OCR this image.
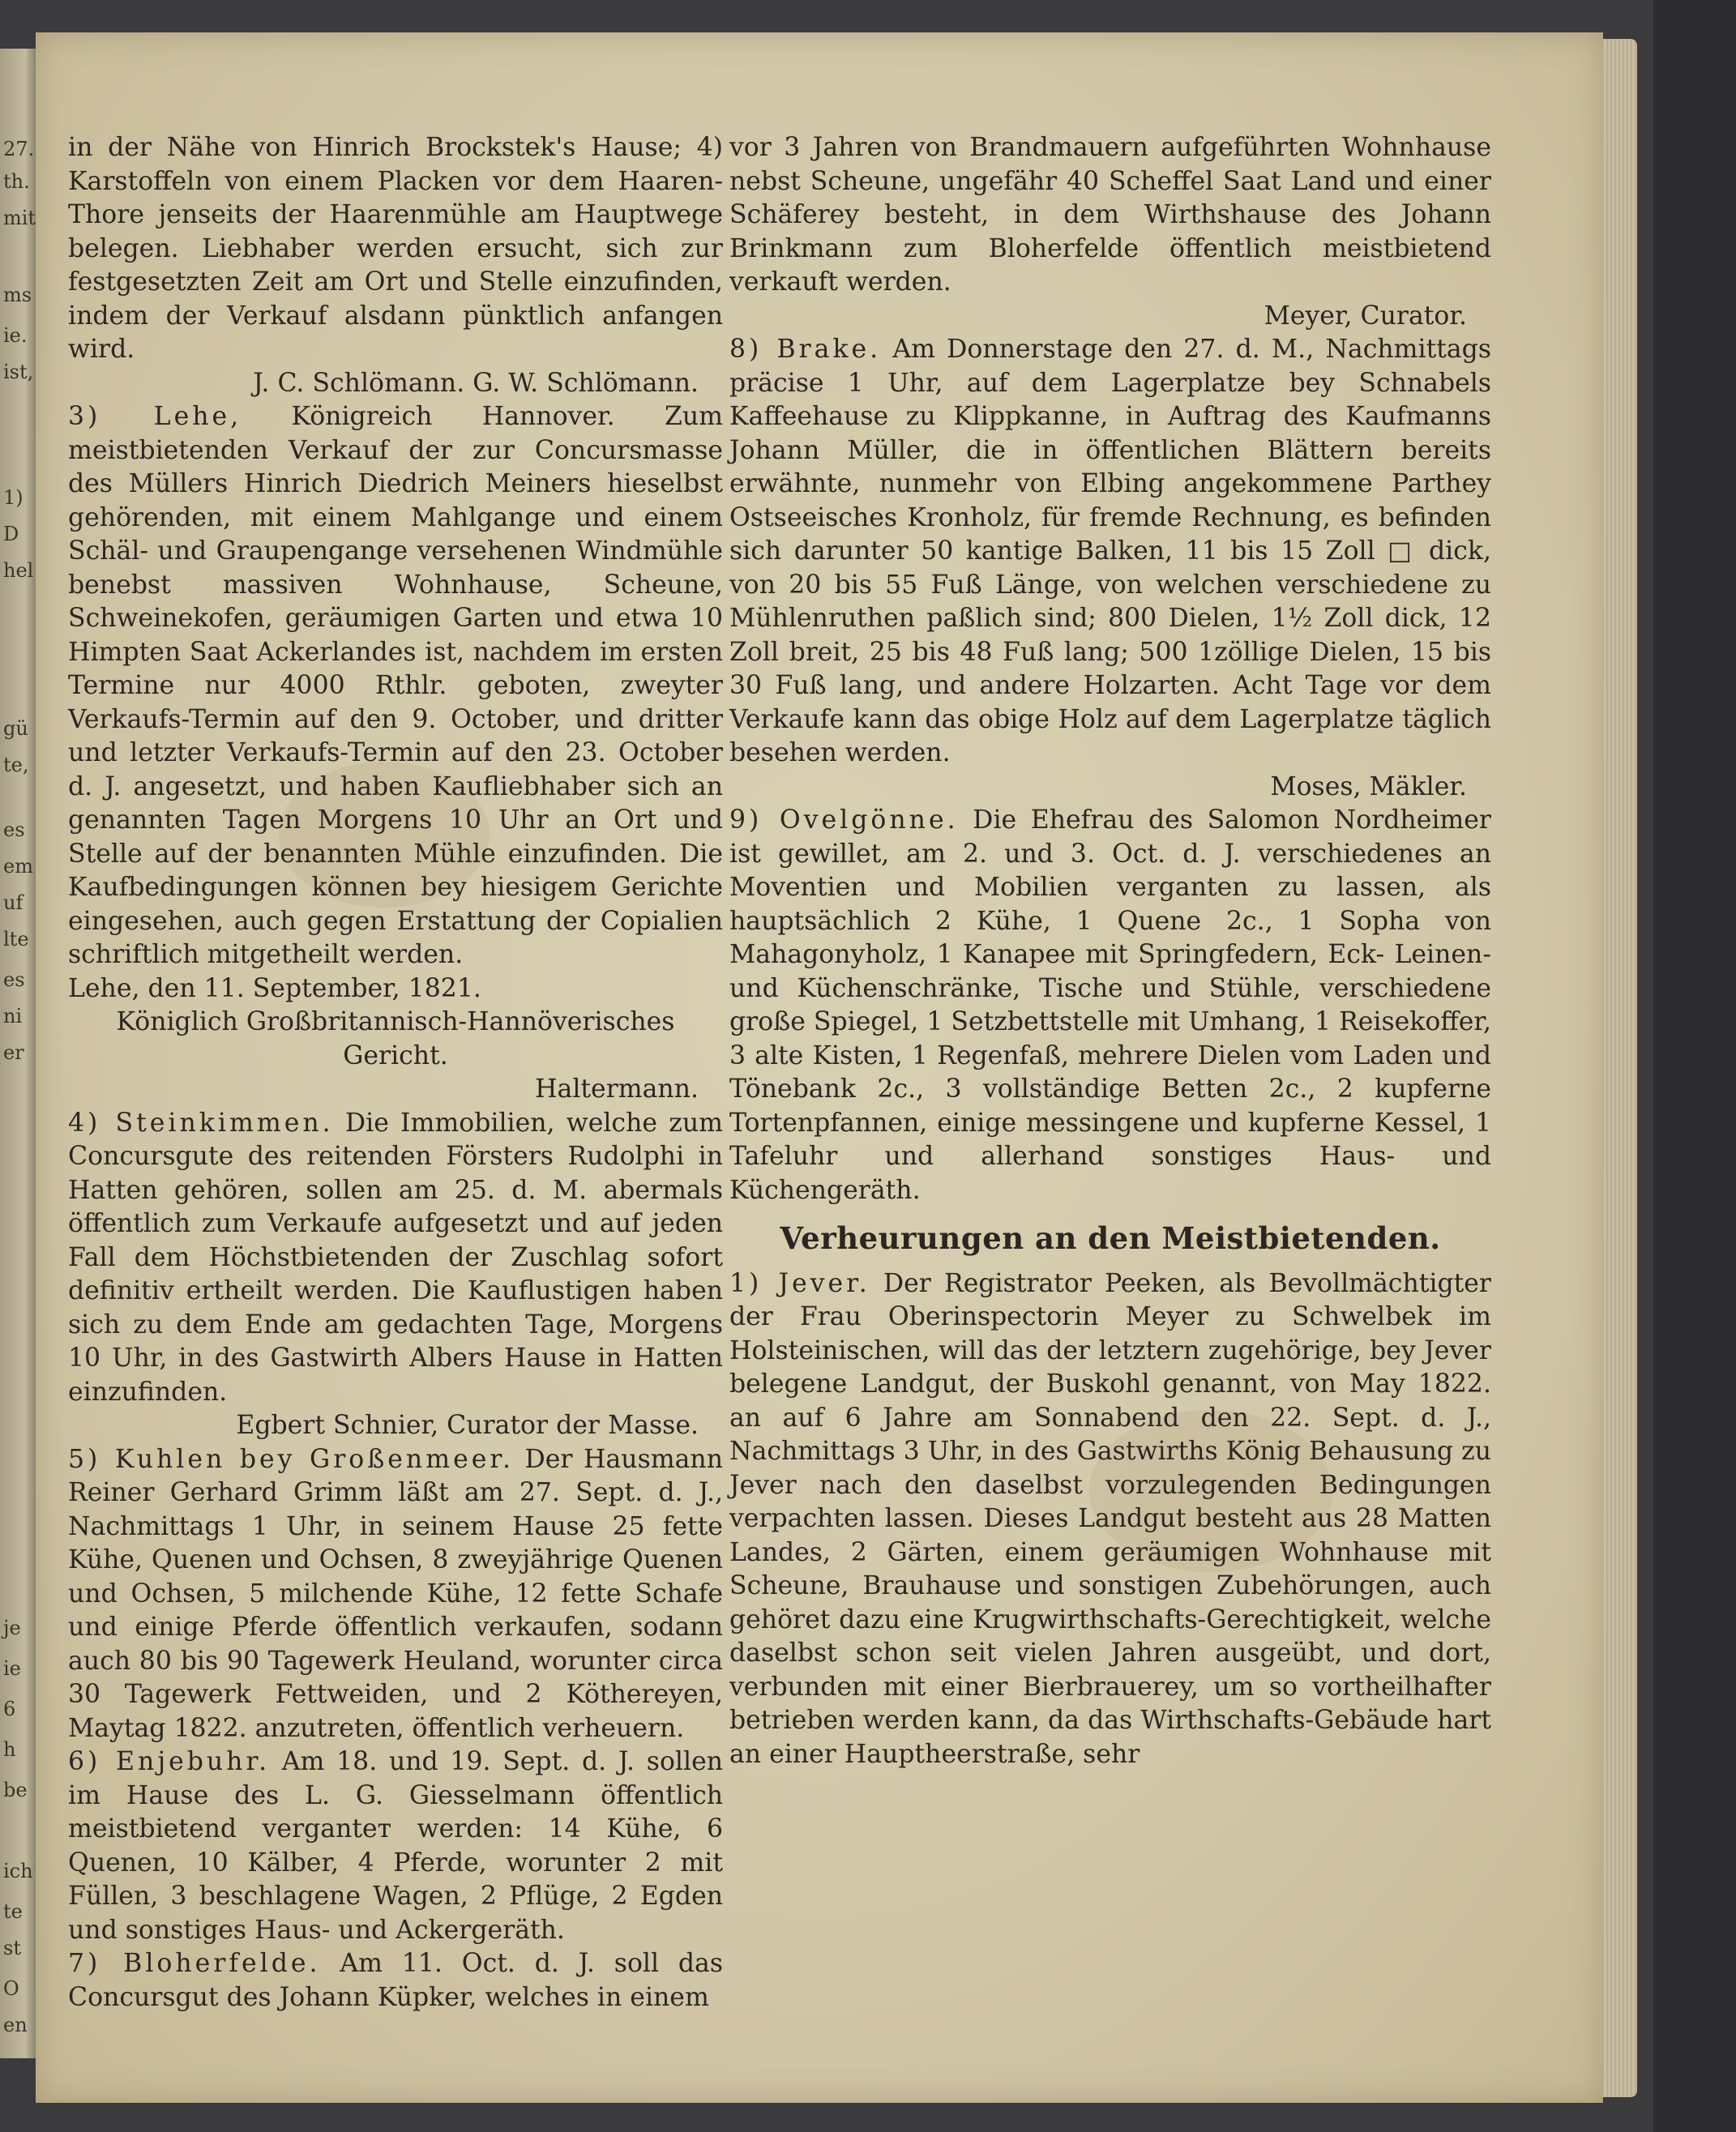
27.
th.
mit
ms
ie.
ist,
1)
D
hel
gü
te,
es
em
uf
lte
es
ni
er
je
ie
6
h
be
ich
te
st
O
en

in der Nähe von Hinrich Brockstek's Hause; 4) Karstoffeln von einem Placken vor dem Haaren-Thore jenseits der Haarenmühle am Hauptwege belegen. Liebhaber werden ersucht, sich zur festgesetzten Zeit am Ort und Stelle einzufinden, indem der Verkauf alsdann pünktlich anfangen wird.

J. C. Schlömann. G. W. Schlömann.

3) Lehe, Königreich Hannover. Zum meistbietenden Verkauf der zur Concursmasse des Müllers Hinrich Diedrich Meiners hieselbst gehörenden, mit einem Mahlgange und einem Schäl- und Graupengange versehenen Windmühle benebst massiven Wohnhause, Scheune, Schweinekofen, geräumigen Garten und etwa 10 Himpten Saat Ackerlandes ist, nachdem im ersten Termine nur 4000 Rthlr. geboten, zweyter Verkaufs-Termin auf den 9. October, und dritter und letzter Verkaufs-Termin auf den 23. October d. J. angesetzt, und haben Kaufliebhaber sich an genannten Tagen Morgens 10 Uhr an Ort und Stelle auf der benannten Mühle einzufinden. Die Kaufbedingungen können bey hiesigem Gerichte eingesehen, auch gegen Erstattung der Copialien schriftlich mitgetheilt werden.

Lehe, den 11. September, 1821.

Königlich Großbritannisch-Hannöverisches Gericht.

Haltermann.

4) Steinkimmen. Die Immobilien, welche zum Concursgute des reitenden Försters Rudolphi in Hatten gehören, sollen am 25. d. M. abermals öffentlich zum Verkaufe aufgesetzt und auf jeden Fall dem Höchstbietenden der Zuschlag sofort definitiv ertheilt werden. Die Kauflustigen haben sich zu dem Ende am gedachten Tage, Morgens 10 Uhr, in des Gastwirth Albers Hause in Hatten einzufinden.

Egbert Schnier, Curator der Masse.

5) Kuhlen bey Großenmeer. Der Hausmann Reiner Gerhard Grimm läßt am 27. Sept. d. J., Nachmittags 1 Uhr, in seinem Hause 25 fette Kühe, Quenen und Ochsen, 8 zweyjährige Quenen und Ochsen, 5 milchende Kühe, 12 fette Schafe und einige Pferde öffentlich verkaufen, sodann auch 80 bis 90 Tagewerk Heuland, worunter circa 30 Tagewerk Fettweiden, und 2 Köthereyen, Maytag 1822. anzutreten, öffentlich verheuern.

6) Enjebuhr. Am 18. und 19. Sept. d. J. sollen im Hause des L. G. Giesselmann öffentlich meistbietend verganteт werden: 14 Kühe, 6 Quenen, 10 Kälber, 4 Pferde, worunter 2 mit Füllen, 3 beschlagene Wagen, 2 Pflüge, 2 Egden und sonstiges Haus- und Ackergeräth.

7) Bloherfelde. Am 11. Oct. d. J. soll das Concursgut des Johann Küpker, welches in einem

vor 3 Jahren von Brandmauern aufgeführten Wohnhause nebst Scheune, ungefähr 40 Scheffel Saat Land und einer Schäferey besteht, in dem Wirthshause des Johann Brinkmann zum Bloherfelde öffentlich meistbietend verkauft werden.

Meyer, Curator.

8) Brake. Am Donnerstage den 27. d. M., Nachmittags präcise 1 Uhr, auf dem Lagerplatze bey Schnabels Kaffeehause zu Klippkanne, in Auftrag des Kaufmanns Johann Müller, die in öffentlichen Blättern bereits erwähnte, nunmehr von Elbing angekommene Parthey Ostseeisches Kronholz, für fremde Rechnung, es befinden sich darunter 50 kantige Balken, 11 bis 15 Zoll □ dick, von 20 bis 55 Fuß Länge, von welchen verschiedene zu Mühlenruthen paßlich sind; 800 Dielen, 1½ Zoll dick, 12 Zoll breit, 25 bis 48 Fuß lang; 500 1zöllige Dielen, 15 bis 30 Fuß lang, und andere Holzarten. Acht Tage vor dem Verkaufe kann das obige Holz auf dem Lagerplatze täglich besehen werden.

Moses, Mäkler.

9) Ovelgönne. Die Ehefrau des Salomon Nordheimer ist gewillet, am 2. und 3. Oct. d. J. verschiedenes an Moventien und Mobilien verganten zu lassen, als hauptsächlich 2 Kühe, 1 Quene 2c., 1 Sopha von Mahagonyholz, 1 Kanapee mit Springfedern, Eck- Leinen- und Küchenschränke, Tische und Stühle, verschiedene große Spiegel, 1 Setzbettstelle mit Umhang, 1 Reisekoffer, 3 alte Kisten, 1 Regenfaß, mehrere Dielen vom Laden und Tönebank 2c., 3 vollständige Betten 2c., 2 kupferne Tortenpfannen, einige messingene und kupferne Kessel, 1 Tafeluhr und allerhand sonstiges Haus- und Küchengeräth.

Verheurungen an den Meistbietenden.

1) Jever. Der Registrator Peeken, als Bevollmächtigter der Frau Oberinspectorin Meyer zu Schwelbek im Holsteinischen, will das der letztern zugehörige, bey Jever belegene Landgut, der Buskohl genannt, von May 1822. an auf 6 Jahre am Sonnabend den 22. Sept. d. J., Nachmittags 3 Uhr, in des Gastwirths König Behausung zu Jever nach den daselbst vorzulegenden Bedingungen verpachten lassen. Dieses Landgut besteht aus 28 Matten Landes, 2 Gärten, einem geräumigen Wohnhause mit Scheune, Brauhause und sonstigen Zubehörungen, auch gehöret dazu eine Krugwirthschafts-Gerechtigkeit, welche daselbst schon seit vielen Jahren ausgeübt, und dort, verbunden mit einer Bierbrauerey, um so vortheilhafter betrieben werden kann, da das Wirthschafts-Gebäude hart an einer Hauptheerstraße, sehr
